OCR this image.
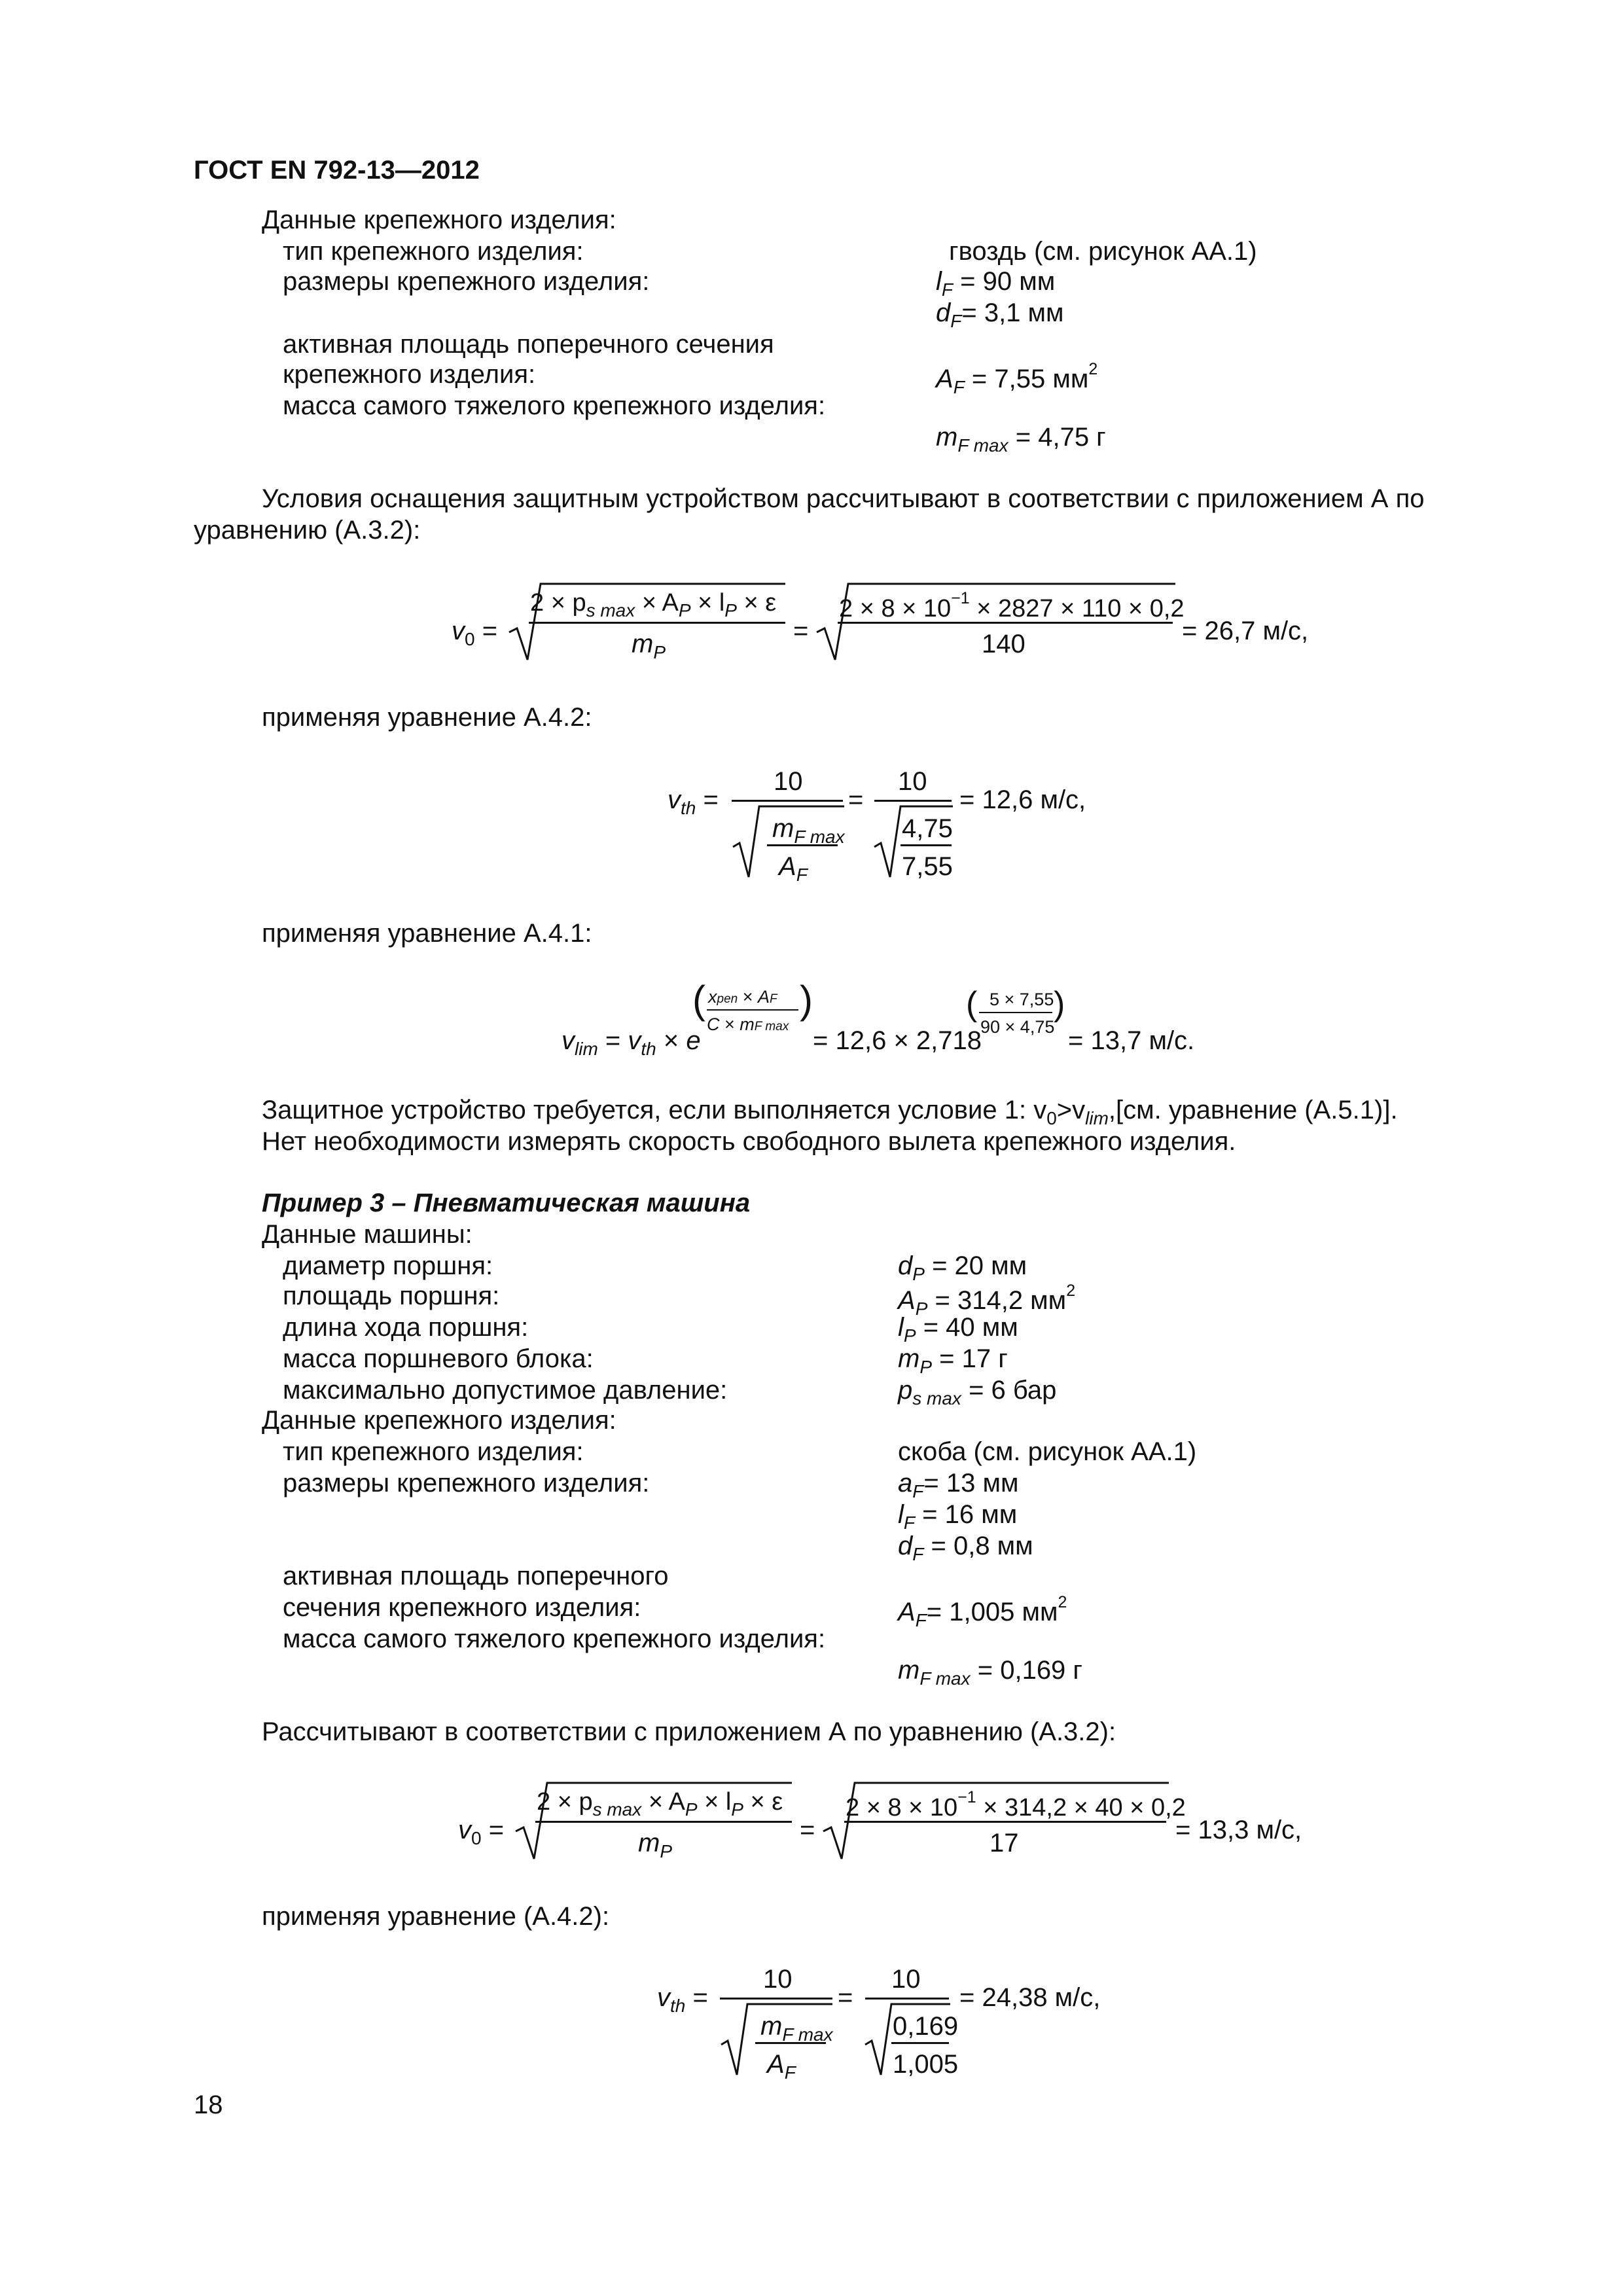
ГОСТ EN 792-13—2012
Данные крепежного изделия:
тип крепежного изделия:	гвоздь (см. рисунок АА.1)
размеры крепежного изделия:	$l_F = 90$ мм
$d_F= 3,1$ мм
активная площадь поперечного сечения
крепежного изделия:	$A_F = 7,55$ $мм^2$
масса самого тяжелого крепежного изделия:
$m_{F max} = 4,75$ г
Условия оснащения защитным устройством рассчитывают в соответствии с приложением А по
уравнению (А.3.2):
$v_0$ =
$2 \times p_{s max} \times A_P \times l_P \times \varepsilon$
$m_P$
=
$2 \times 8 \times 10^{-1} \times 2827 \times 110 \times 0,2$
140	= 26,7 м/с,
применяя уравнение А.4.2:
$v_{th}$ =
10
$m_{F max}$
$A_F$
=
10
4,75
7,55
= 12,6 м/с,
применяя уравнение А.4.1:
$v_{lim} = v_{th} \times e$
( xpen × AF
C × mF max
)
= 12,6 × 2,718
( 5 × 7,55
90 × 4,75
)
= 13,7 м/с.
Защитное устройство требуется, если выполняется условие 1: $v_0>v_{lim},[см$. уравнение (А.5.1)].
Нет необходимости измерять скорость свободного вылета крепежного изделия.
Пример 3 – Пневматическая машина
Данные машины:
диаметр поршня:	$d_P = 20$ мм
площадь поршня:	$A_P = 314,2$ $мм^2$
длина хода поршня:	$l_P = 40$ мм
масса поршневого блока:	$m_P = 17$ г
максимально допустимое давление:	$p_{s max} = 6$ бар
Данные крепежного изделия:
тип крепежного изделия:	скоба (см. рисунок АА.1)
размеры крепежного изделия:	$a_F= 13$ мм
$l_F = 16$ мм
$d_F = 0,8$ мм
активная площадь поперечного
сечения крепежного изделия:	$A_F= 1,005$ $мм^2$
масса самого тяжелого крепежного изделия:
$m_{F max} = 0,169$ г
Рассчитывают в соответствии с приложением А по уравнению (А.3.2):
$v_0$ =
$2 \times p_{s max} \times A_P \times l_P \times \varepsilon$
$m_P$
=
$2 \times 8 \times 10^{-1} \times 314,2 \times 40 \times 0,2$
17	= 13,3 м/с,
применяя уравнение (А.4.2):
$v_{th}$ =
10
$m_{F max}$
$A_F$
=
10
0,169
1,005
= 24,38 м/с,
18
